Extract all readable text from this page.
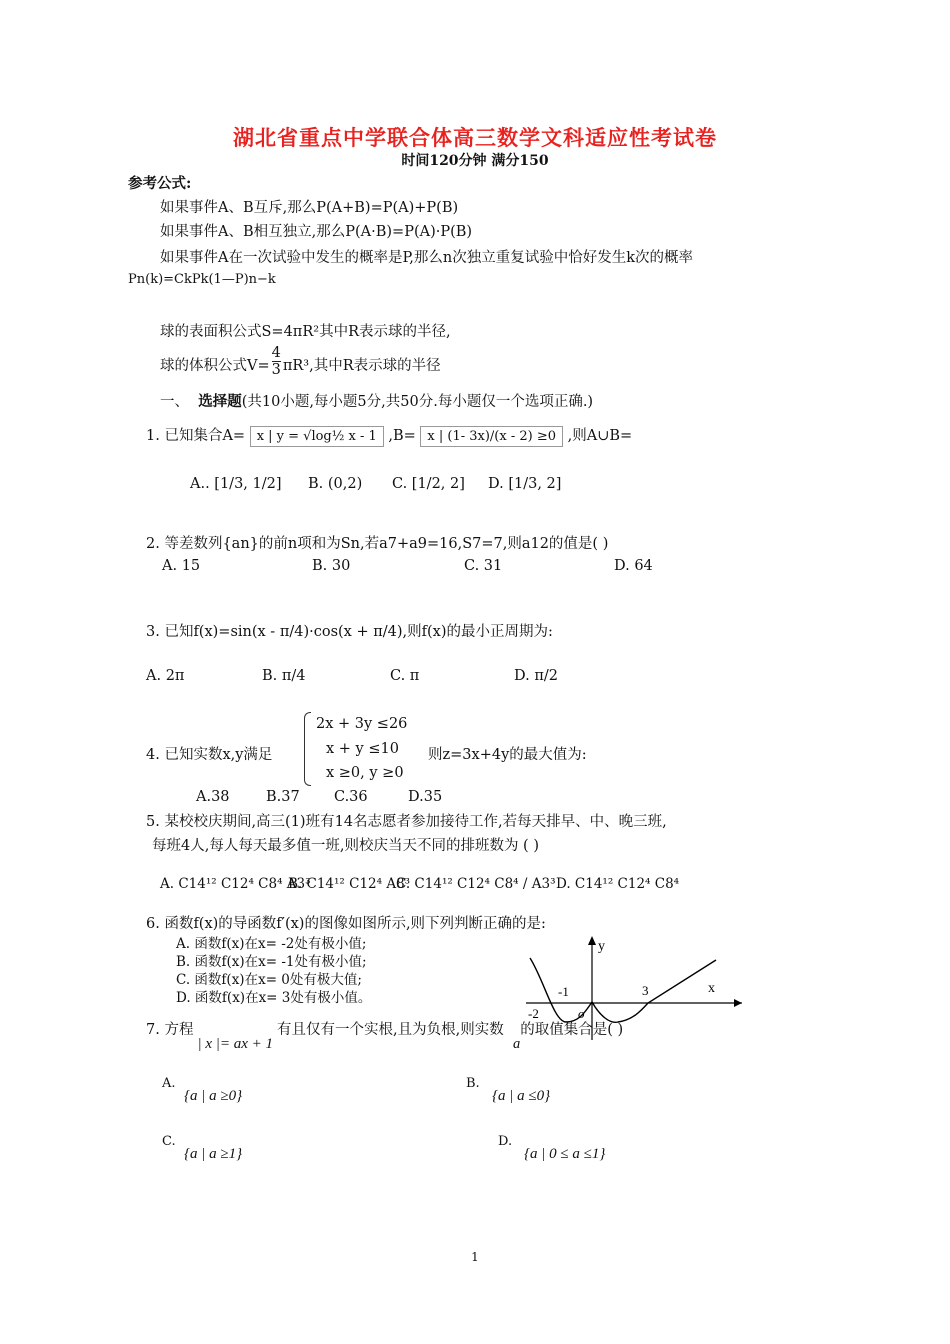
湖北省重点中学联合体高三数学文科适应性考试卷
时间120分钟 满分150
参考公式:
如果事件A、B互斥,那么P(A+B)=P(A)+P(B)
如果事件A、B相互独立,那么P(A·B)=P(A)·P(B)
如果事件A在一次试验中发生的概率是P,那么n次独立重复试验中恰好发生k次的概率
Pn(k)=CkPk(1—P)n−k
球的表面积公式S=4πR²其中R表示球的半径,
球的体积公式$V= \frac{4}{3} \pi R^3$,其中R表示球的半径
一、 选择题(共10小题,每小题5分,共50分.每小题仅一个选项正确.)
1. 已知集合A= x | y = √log½ x - 1 ,B= x | (1- 3x)/(x - 2) ≥0 ,则A∪B=
A.. [1/3, 1/2] B. (0,2) C. [1/2, 2] D. [1/3, 2]
2. 等差数列{an}的前n项和为Sn,若a7+a9=16,S7=7,则a12的值是( )
A. 15	B. 30	C. 31	D. 64
3. 已知f(x)=sin(x - π/4)·cos(x + π/4),则f(x)的最小正周期为:
A. 2π	B. π/4	C. π	D. π/2
4. 已知实数x,y满足
2x + 3y ≤26
x + y ≤10
x ≥0, y ≥0
则z=3x+4y的最大值为:
A.38	B.37 C.36	D.35
5. 某校校庆期间,高三(1)班有14名志愿者参加接待工作,若每天排早、中、晚三班,
每班4人,每人每天最多值一班,则校庆当天不同的排班数为 ( )
A. C14¹² C12⁴ C8⁴ A3³
B. C14¹² C12⁴ A8³
C. C14¹² C12⁴ C8⁴ / A3³ D. C14¹² C12⁴ C8⁴
6. 函数f(x)的导函数f′(x)的图像如图所示,则下列判断正确的是:
A. 函数f(x)在x= -2处有极小值;
B. 函数f(x)在x= -1处有极小值;
C. 函数f(x)在x= 0处有极大值;
D. 函数f(x)在x= 3处有极小值。
y
x
-2
-1
o
3
7. 方程| x |= ax + 1有且仅有一个实根,且为负根,则实数  a的取值集合是( )
A.
{a | a ≥0}
B.
{a | a ≤0}
C.
{a | a ≥1}
D.
{a | 0 ≤ a ≤1}
1
